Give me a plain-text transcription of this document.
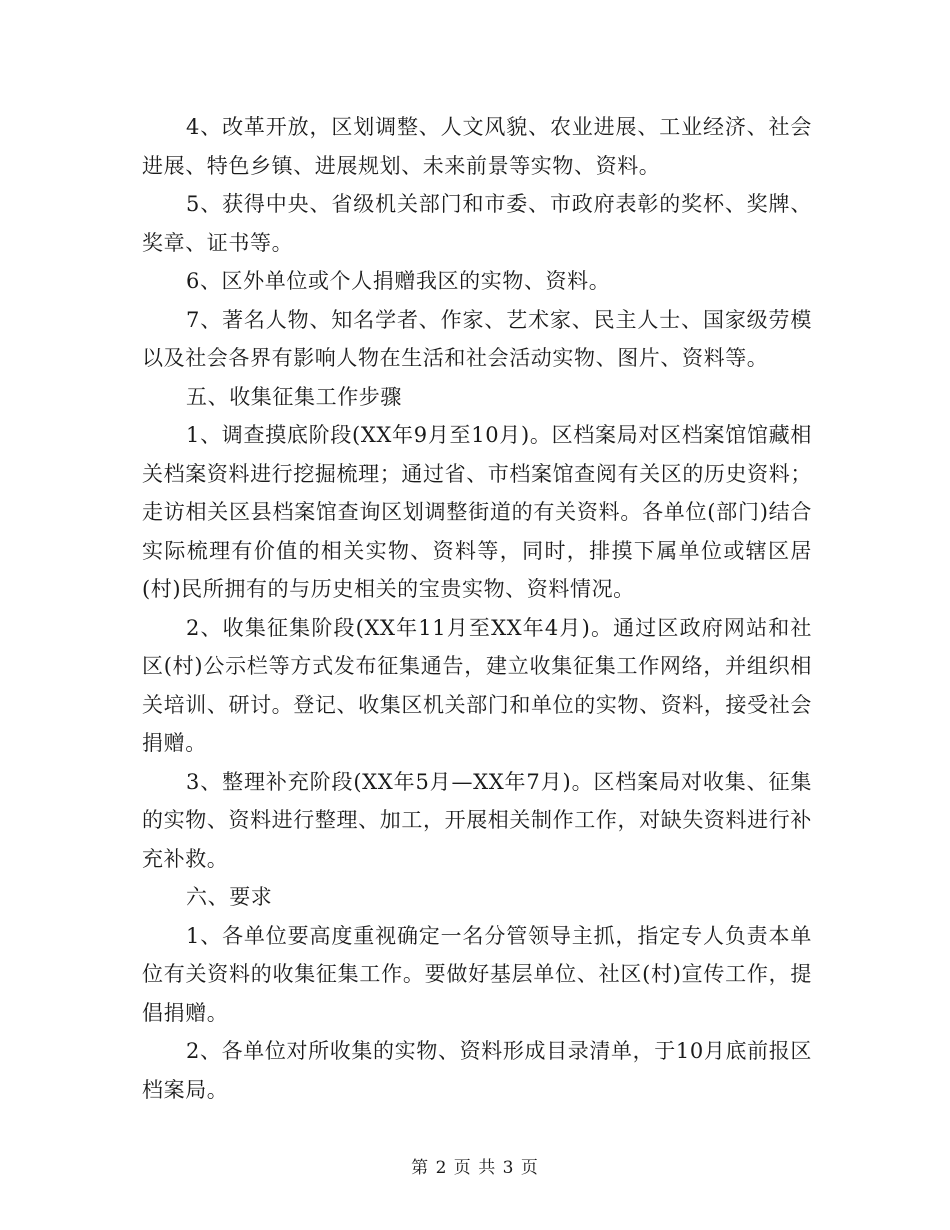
4、改革开放，区划调整、人文风貌、农业进展、工业经济、社会进展、特色乡镇、进展规划、未来前景等实物、资料。

5、获得中央、省级机关部门和市委、市政府表彰的奖杯、奖牌、奖章、证书等。

6、区外单位或个人捐赠我区的实物、资料。

7、著名人物、知名学者、作家、艺术家、民主人士、国家级劳模以及社会各界有影响人物在生活和社会活动实物、图片、资料等。

五、收集征集工作步骤

1、调查摸底阶段(XX年9月至10月)。区档案局对区档案馆馆藏相关档案资料进行挖掘梳理；通过省、市档案馆查阅有关区的历史资料；走访相关区县档案馆查询区划调整街道的有关资料。各单位(部门)结合实际梳理有价值的相关实物、资料等，同时，排摸下属单位或辖区居(村)民所拥有的与历史相关的宝贵实物、资料情况。

2、收集征集阶段(XX年11月至XX年4月)。通过区政府网站和社区(村)公示栏等方式发布征集通告，建立收集征集工作网络，并组织相关培训、研讨。登记、收集区机关部门和单位的实物、资料，接受社会捐赠。

3、整理补充阶段(XX年5月—XX年7月)。区档案局对收集、征集的实物、资料进行整理、加工，开展相关制作工作，对缺失资料进行补充补救。

六、要求

1、各单位要高度重视确定一名分管领导主抓，指定专人负责本单位有关资料的收集征集工作。要做好基层单位、社区(村)宣传工作，提倡捐赠。

2、各单位对所收集的实物、资料形成目录清单，于10月底前报区档案局。

第 2 页 共 3 页
